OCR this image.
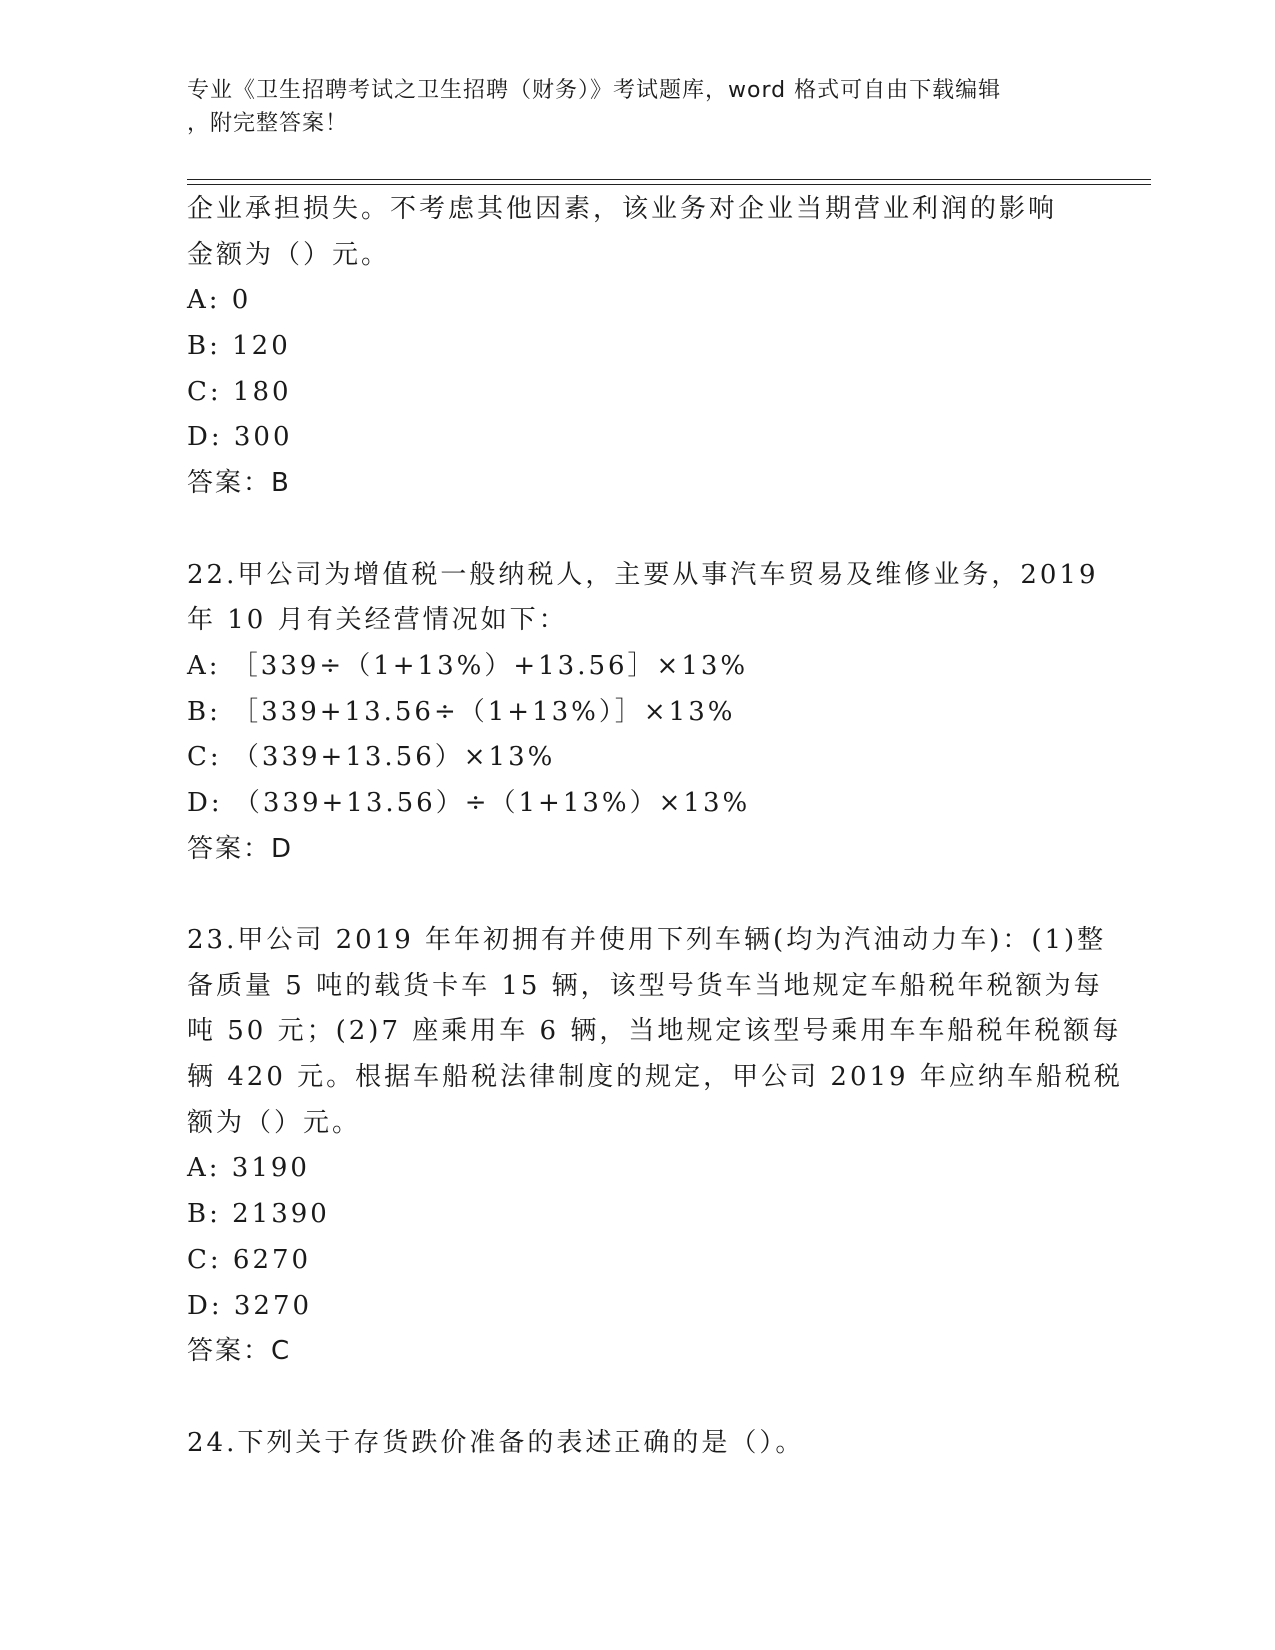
专业《卫生招聘考试之卫生招聘（财务）》考试题库，word 格式可自由下载编辑
，附完整答案！
企业承担损失。不考虑其他因素，该业务对企业当期营业利润的影响
金额为（）元。
A: 0
B: 120
C: 180
D: 300
答案：B
22.甲公司为增值税一般纳税人，主要从事汽车贸易及维修业务，2019
年 10 月有关经营情况如下：
A: ［339÷（1+13%）+13.56］×13%
B: ［339+13.56÷（1+13%）］×13%
C: （339+13.56）×13%
D: （339+13.56）÷（1+13%）×13%
答案：D
23.甲公司 2019 年年初拥有并使用下列车辆(均为汽油动力车)：(1)整
备质量 5 吨的载货卡车 15 辆，该型号货车当地规定车船税年税额为每
吨 50 元；(2)7 座乘用车 6 辆，当地规定该型号乘用车车船税年税额每
辆 420 元。根据车船税法律制度的规定，甲公司 2019 年应纳车船税税
额为（）元。
A: 3190
B: 21390
C: 6270
D: 3270
答案：C
24.下列关于存货跌价准备的表述正确的是（）。
